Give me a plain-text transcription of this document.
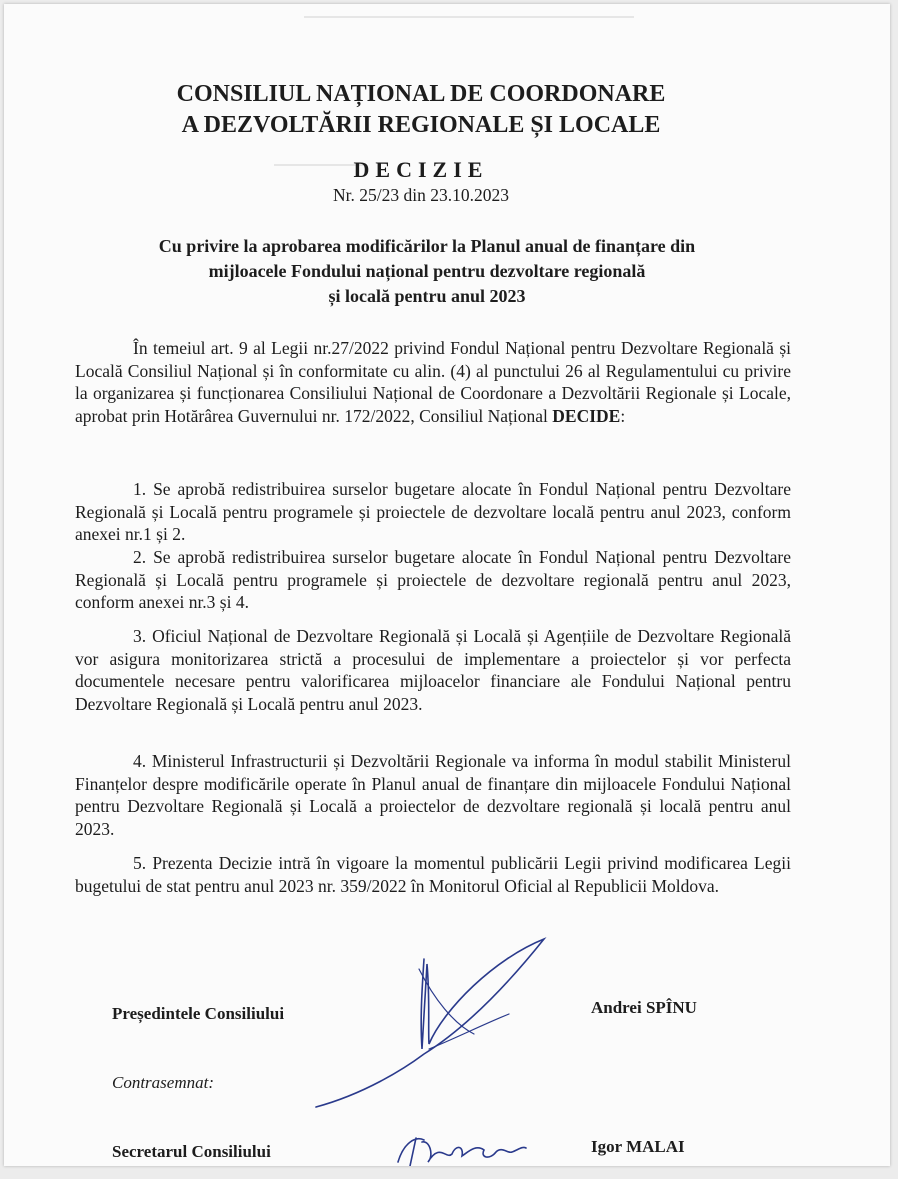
CONSILIUL NAȚIONAL DE COORDONARE
A DEZVOLTĂRII REGIONALE ȘI LOCALE
DECIZIE
Nr. 25/23 din 23.10.2023
Cu privire la aprobarea modificărilor la Planul anual de finanțare din
mijloacele Fondului național pentru dezvoltare regională
și locală pentru anul 2023
În temeiul art. 9 al Legii nr.27/2022 privind Fondul Național pentru Dezvoltare Regională și Locală Consiliul Național și în conformitate cu alin. (4) al punctului 26 al Regulamentului cu privire la organizarea și funcționarea Consiliului Național de Coordonare a Dezvoltării Regionale și Locale, aprobat prin Hotărârea Guvernului nr. 172/2022, Consiliul Național DECIDE:
1. Se aprobă redistribuirea surselor bugetare alocate în Fondul Național pentru Dezvoltare Regională și Locală pentru programele și proiectele de dezvoltare locală pentru anul 2023, conform anexei nr.1 și 2.
2. Se aprobă redistribuirea surselor bugetare alocate în Fondul Național pentru Dezvoltare Regională și Locală pentru programele și proiectele de dezvoltare regională pentru anul 2023, conform anexei nr.3 și 4.
3. Oficiul Național de Dezvoltare Regională și Locală și Agențiile de Dezvoltare Regională vor asigura monitorizarea strictă a procesului de implementare a proiectelor și vor perfecta documentele necesare pentru valorificarea mijloacelor financiare ale Fondului Național pentru Dezvoltare Regională și Locală pentru anul 2023.
4. Ministerul Infrastructurii și Dezvoltării Regionale va informa în modul stabilit Ministerul Finanțelor despre modificările operate în Planul anual de finanțare din mijloacele Fondului Național pentru Dezvoltare Regională și Locală a proiectelor de dezvoltare regională și locală pentru anul 2023.
5. Prezenta Decizie intră în vigoare la momentul publicării Legii privind modificarea Legii bugetului de stat pentru anul 2023 nr. 359/2022 în Monitorul Oficial al Republicii Moldova.
Președintele Consiliului	Andrei SPÎNU
Contrasemnat:
Secretarul Consiliului	Igor MALAI
